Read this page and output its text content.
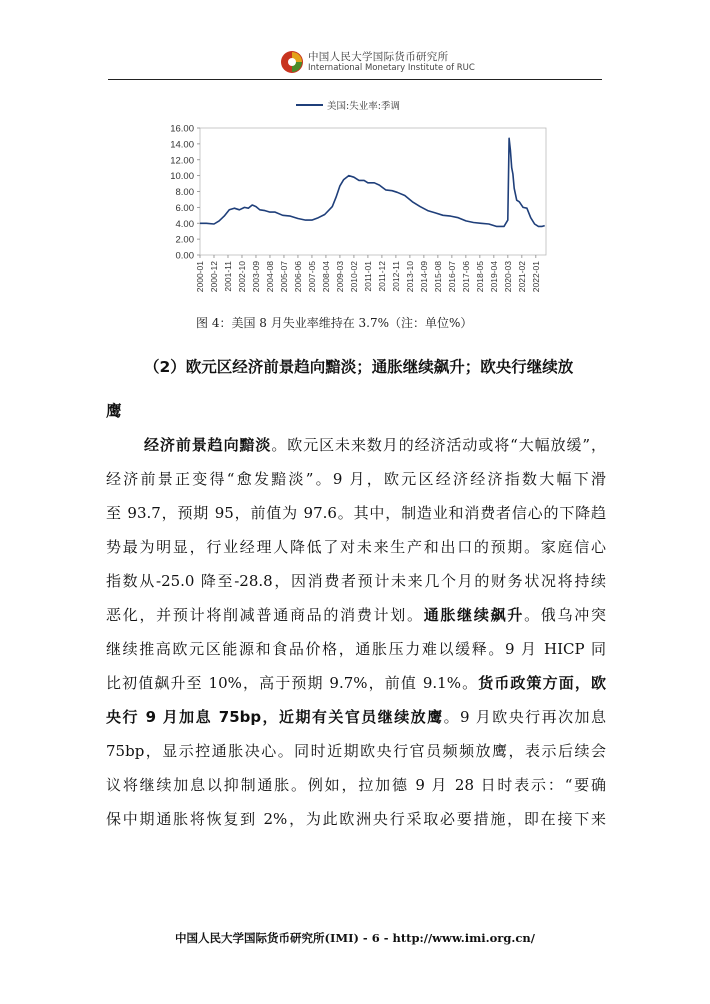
中国人民大学国际货币研究所
International Monetary Institute of RUC
0.00
2.00
4.00
6.00
8.00
10.00
12.00
14.00
16.00
2000-01 2000-12 2001-11 2002-10 2003-09 2004-08 2005-07 2006-06 2007-05 2008-04 2009-03 2010-02 2011-01 2011-12 2012-11 2013-10 2014-09 2015-08 2016-07 2017-06 2018-05 2019-04 2020-03 2021-02 2022-01
美国:失业率:季调
图 4：美国 8 月失业率维持在 3.7%（注：单位%）
（2）欧元区经济前景趋向黯淡；通胀继续飙升；欧央行继续放
鹰
经济前景趋向黯淡。欧元区未来数月的经济活动或将“大幅放缓”，
经济前景正变得“愈发黯淡”。9 月，欧元区经济经济指数大幅下滑
至 93.7，预期 95，前值为 97.6。其中，制造业和消费者信心的下降趋
势最为明显，行业经理人降低了对未来生产和出口的预期。家庭信心
指数从-25.0 降至-28.8，因消费者预计未来几个月的财务状况将持续
恶化，并预计将削减普通商品的消费计划。通胀继续飙升。俄乌冲突
继续推高欧元区能源和食品价格，通胀压力难以缓释。9 月 HICP 同
比初值飙升至 10%，高于预期 9.7%，前值 9.1%。货币政策方面，欧
央行 9 月加息 75bp，近期有关官员继续放鹰。9 月欧央行再次加息
75bp，显示控通胀决心。同时近期欧央行官员频频放鹰，表示后续会
议将继续加息以抑制通胀。例如，拉加德 9 月 28 日时表示：“要确
保中期通胀将恢复到 2%，为此欧洲央行采取必要措施，即在接下来
中国人民大学国际货币研究所(IMI) - 6 - http://www.imi.org.cn/
